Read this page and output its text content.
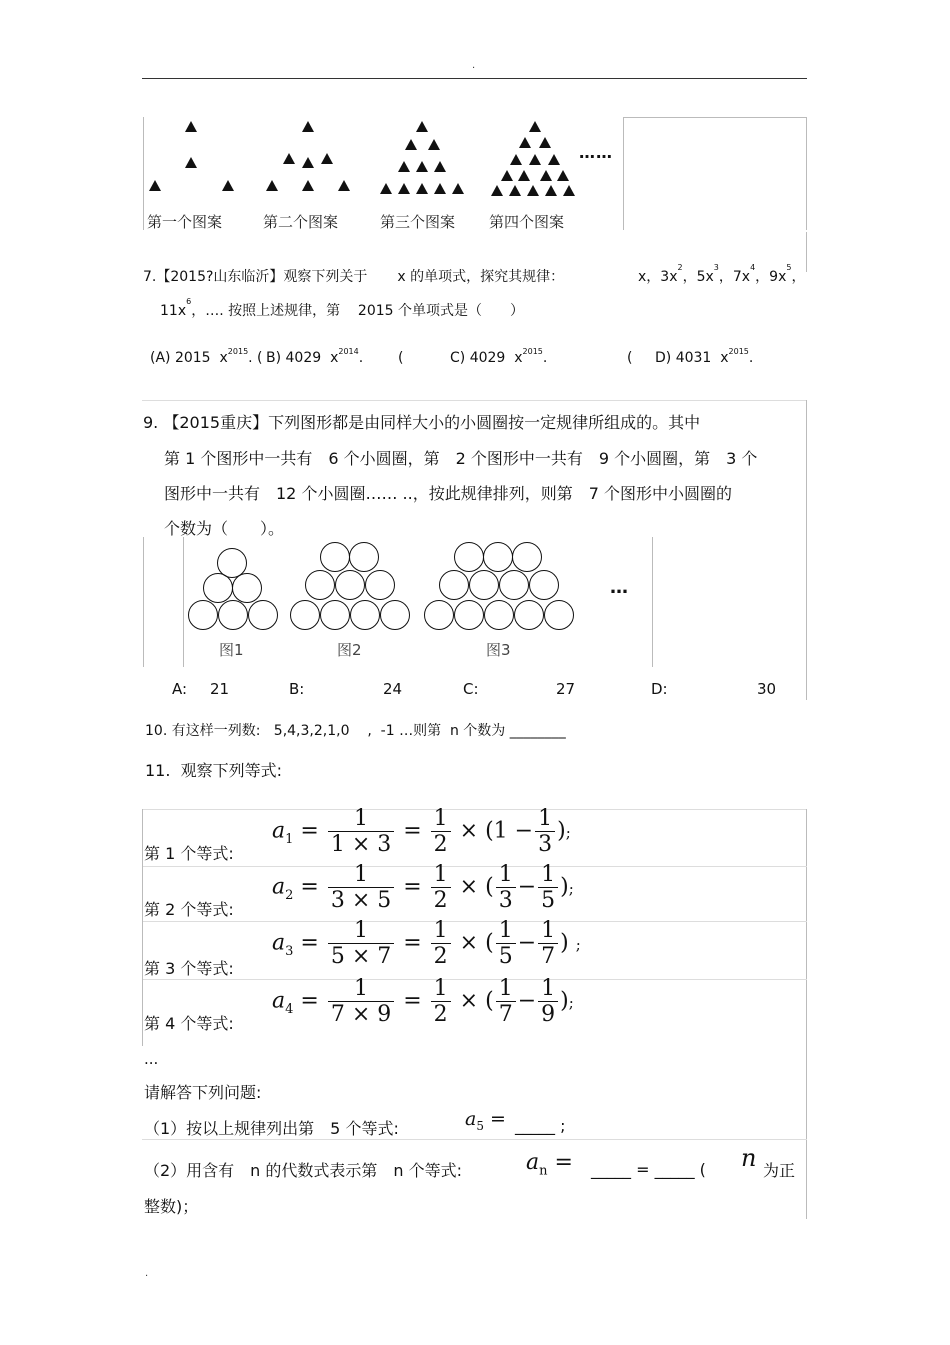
.
……
第一个图案	第二个图案	第三个图案 第四个图案
7.【2015?山东临沂】观察下列关于 x 的单项式，探究其规律：	x，$3x^2$，$5x^3$，$7x^4$，$9x^5$，
$11x^6$，…. 按照上述规律，第 2015 个单项式是（　　）
(A) 2015 $x^{2015}$. ( B) 4029 $x^{2014}$. (	C) 4029 $x^{2015}$.	( D) 4031 $x^{2015}$.
9. 【2015重庆】下列图形都是由同样大小的小圆圈按一定规律所组成的。其中
第 1 个图形中一共有　6 个小圆圈，第　2 个图形中一共有　9 个小圆圈，第　3 个
图形中一共有　12 个小圆圈…… ..，按此规律排列，则第　7 个图形中小圆圈的
个数为（　　）。
…
图1	图2	图3
A: 21	B:	24	C:	27	D:	30

10. 有这样一列数: 5,4,3,2,1,0 , -1 …则第  n 个数为 ________
11.  观察下列等式:
第 1 个等式:
$a_1 = \frac{1}{1 \times 3} = \frac{1}{2} \times (1 - \frac{1}{3}$ );
第 2 个等式:
$a_2 = \frac{1}{3 \times 5} = \frac{1}{2}$ × ( $\frac{1}{3} - \frac{1}{5}$ );
第 3 个等式:
$a_3 = \frac{1}{5 \times 7} = \frac{1}{2}$ × ( $\frac{1}{5} - \frac{1}{7}$ ) ;
第 4 个等式:
$a_4 = \frac{1}{7 \times 9} = \frac{1}{2}$ × ( $\frac{1}{7} - \frac{1}{9}$ );
...
请解答下列问题:

（1）按以上规律列出第　5 个等式:

	$a_5$ =

_____ ;

（2）用含有　n 的代数式表示第　n 个等式:

	$a_n$ =

_____ = _____ (

n

为正

整数)；

.
